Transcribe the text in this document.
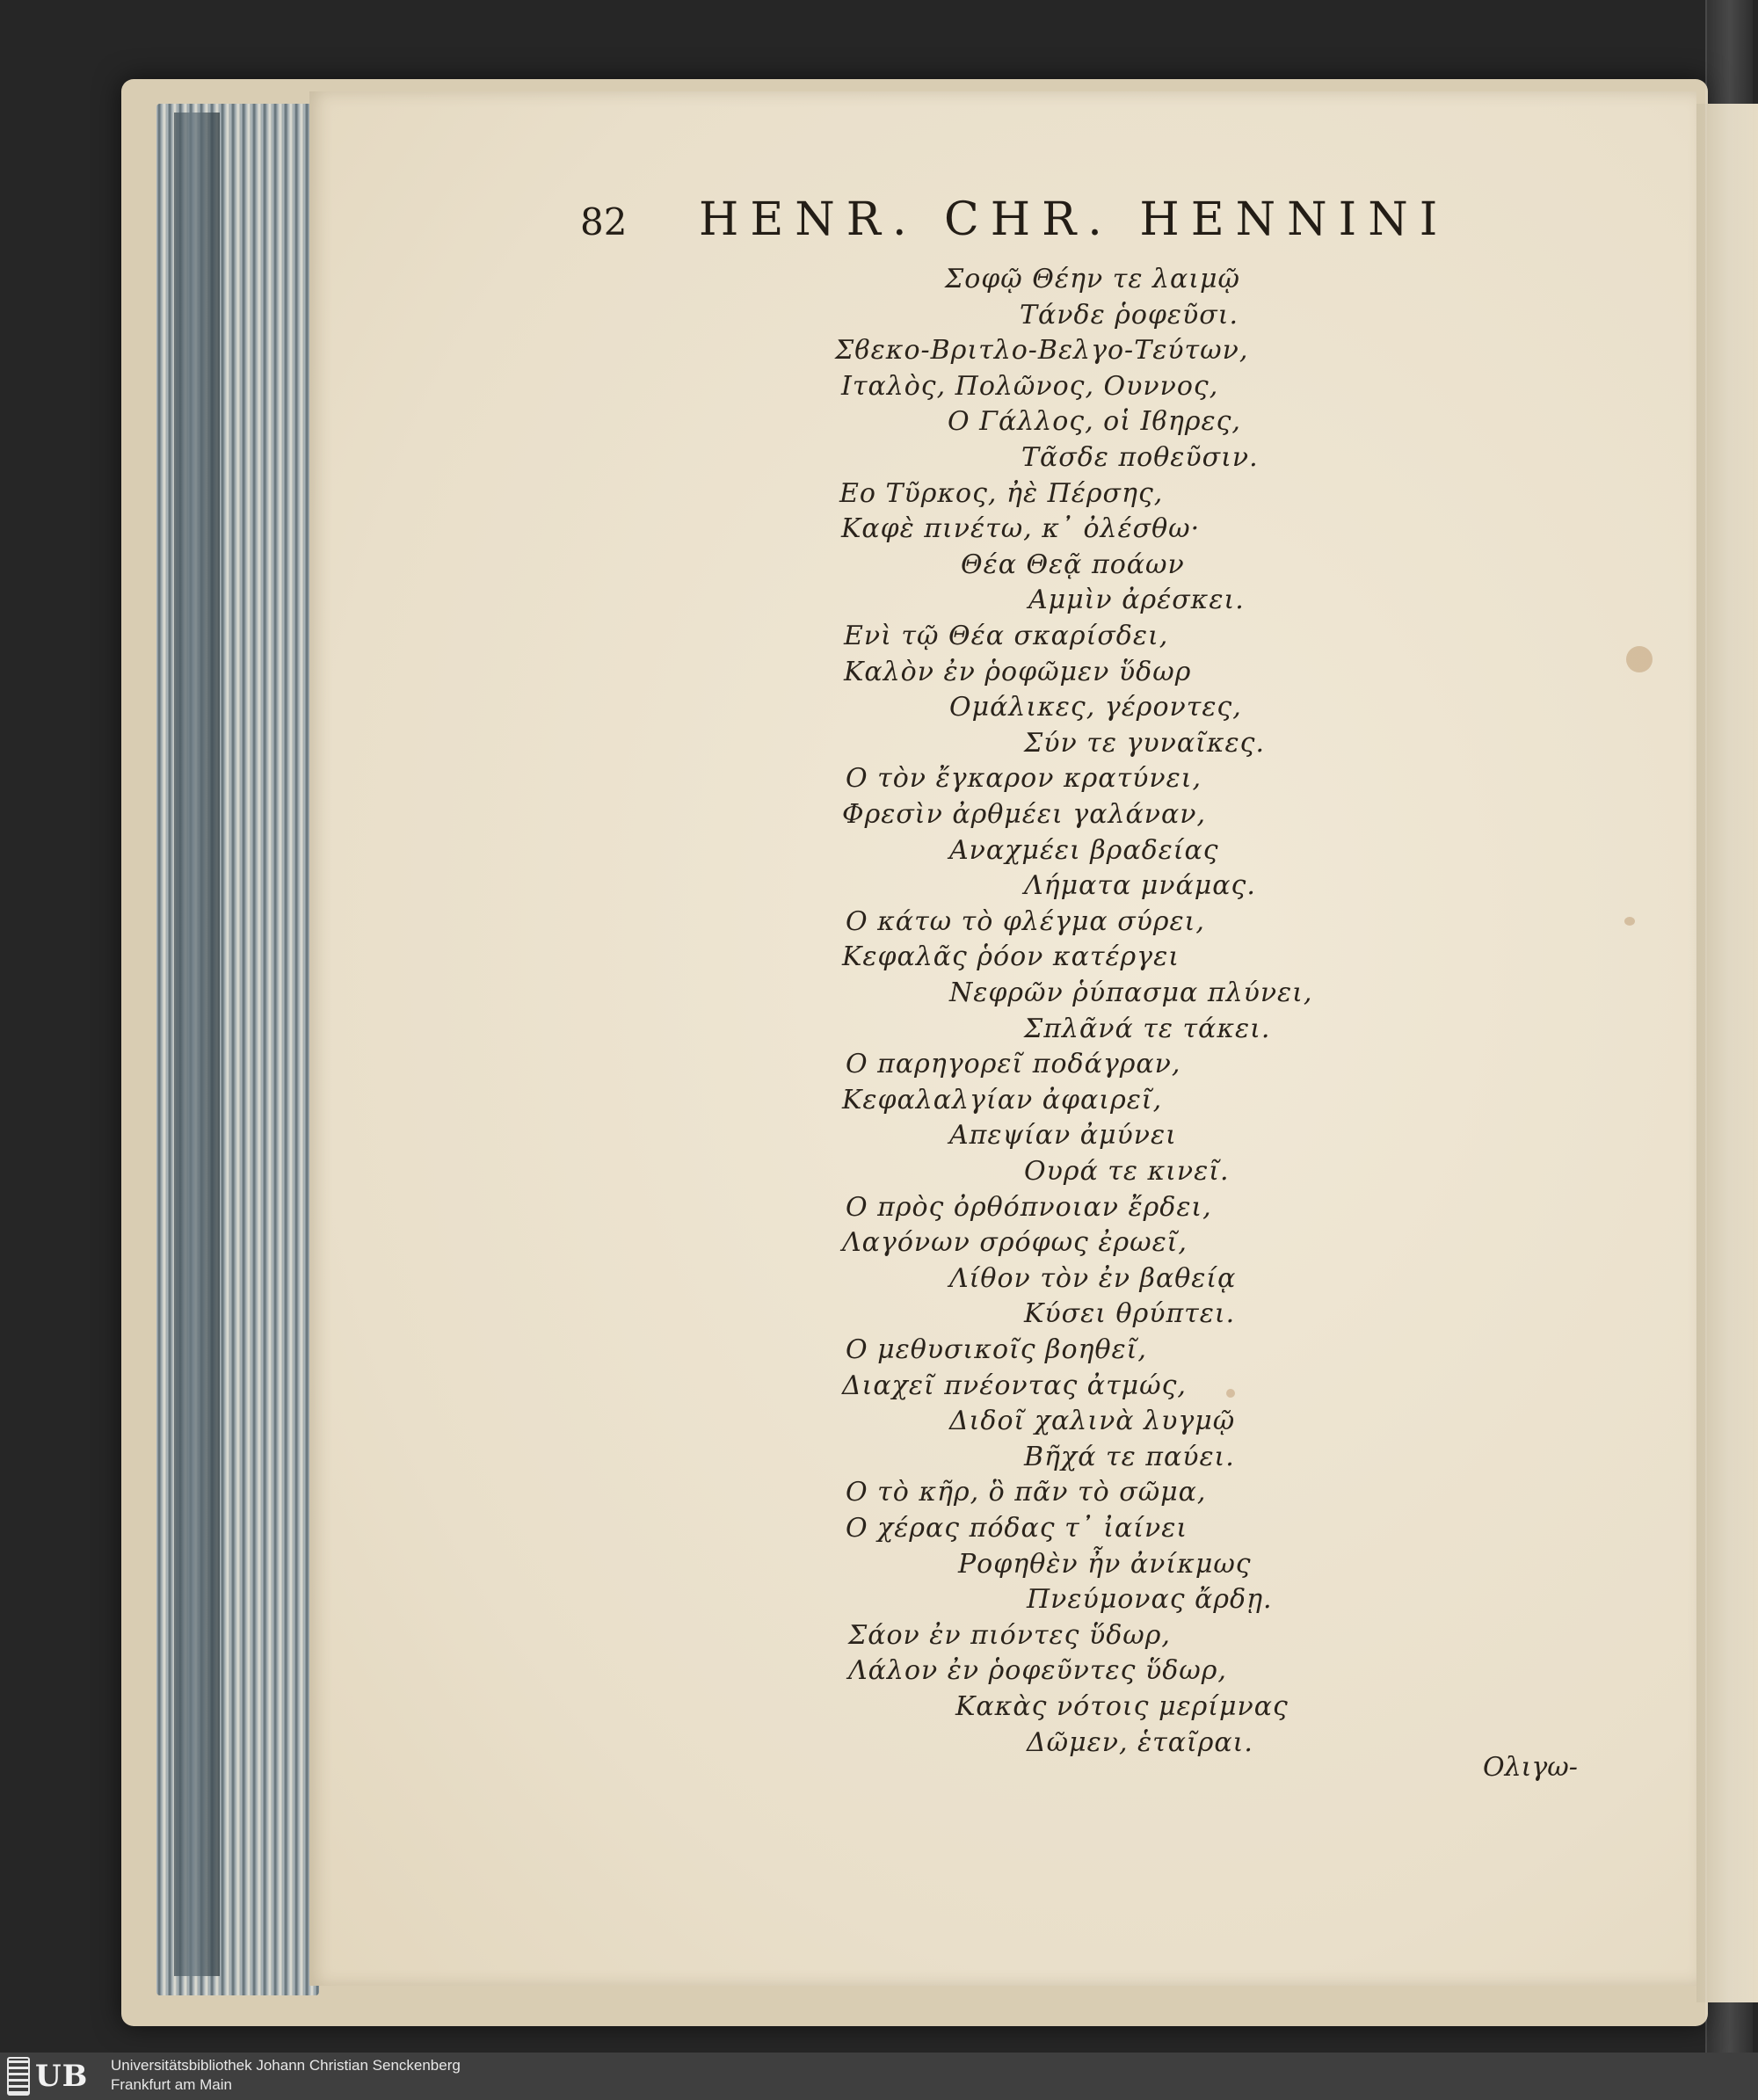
82 HENR. CHR. HENNINI
Σοφῷ Θέην τε λαιμῷ
Τάνδε ῥοφεῦσι.
Σϐεκο-Βριτλο-Βελγο-Τεύτων,
Ιταλὸς, Πολῶνος, Ουννος,
Ο Γάλλος, οἱ Ιϐηρες,
Τᾶσδε ποθεῦσιν.
Εο Τῦρκος, ἠὲ Πέρσης,
Καφὲ πινέτω, κ᾽ ὀλέσθω·
Θέα Θεᾷ ποάων
Αμμὶν ἀρέσκει.
Ενὶ τῷ Θέα σκαρίσδει,
Καλὸν ἐν ῥοφῶμεν ὕδωρ
Ομάλικες, γέροντες,
Σύν τε γυναῖκες.
Ο τὸν ἔγκαρον κρατύνει,
Φρεσὶν ἀρθμέει γαλάναν,
Αναχμέει βραδείας
Λήματα μνάμας.
Ο κάτω τὸ φλέγμα σύρει,
Κεφαλᾶς ῥόον κατέργει
Νεφρῶν ῥύπασμα πλύνει,
Σπλᾶνά τε τάκει.
Ο παρηγορεῖ ποδάγραν,
Κεφαλαλγίαν ἀφαιρεῖ,
Απεψίαν ἀμύνει
Ουρά τε κινεῖ.
Ο πρὸς ὀρθόπνοιαν ἔρδει,
Λαγόνων σρόφως ἐρωεῖ,
Λίθον τὸν ἐν βαθείᾳ
Κύσει θρύπτει.
Ο μεθυσικοῖς βοηθεῖ,
Διαχεῖ πνέοντας ἀτμώς,
Διδοῖ χαλινὰ λυγμῷ
Βῆχά τε παύει.
Ο τὸ κῆρ, ὃ πᾶν τὸ σῶμα,
Ο χέρας πόδας τ᾽ ἰαίνει
Ροφηθὲν ἦν ἀνίκμως
Πνεύμονας ἄρδῃ.
Σάον ἐν πιόντες ὕδωρ,
Λάλον ἐν ῥοφεῦντες ὕδωρ,
Κακὰς νότοις μερίμνας
Δῶμεν, ἑταῖραι.
Ολιγω-
UB Universitätsbibliothek Johann Christian Senckenberg
Frankfurt am Main
